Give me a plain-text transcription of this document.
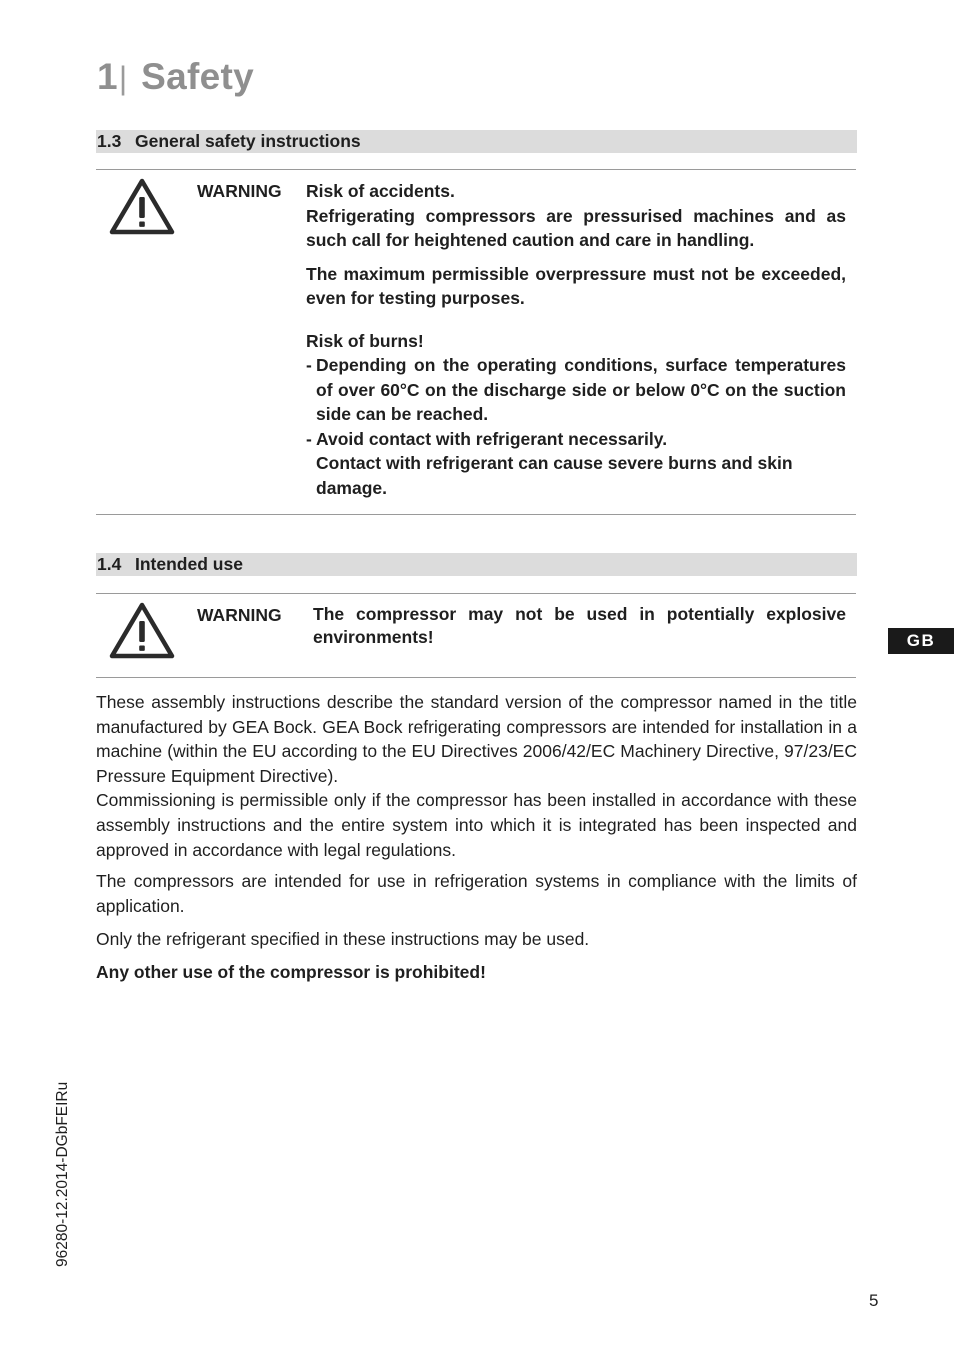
1| Safety
1.3 General safety instructions
WARNING Risk of accidents.

Refrigerating compressors are pressurised machines and as such call for heightened caution and care in handling.

The maximum permissible overpressure must not be exceeded, even for testing purposes.

Risk of burns!

- Depending on the operating conditions, surface temperatures of over 60°C on the discharge side or below 0°C on the suction side can be reached.

- Avoid contact with refrigerant necessarily.

Contact with refrigerant can cause severe burns and skin damage.

1.4 Intended use
WARNING The compressor may not be used in potentially explosive environments!

These assembly instructions describe the standard version of the compressor named in the title manufactured by GEA Bock. GEA Bock refrigerating compressors are intended for installation in a machine (within the EU according to the EU Directives 2006/42/EC Machinery Directive, 97/23/EC Pressure Equipment Directive).

Commissioning is permissible only if the compressor has been installed in accordance with these assembly instructions and the entire system into which it is integrated has been inspected and approved in accordance with legal regulations.

The compressors are intended for use in refrigeration systems in compliance with the limits of application.

Only the refrigerant specified in these instructions may be used.

Any other use of the compressor is prohibited!

GB
96280-12.2014-DGbFEIRu
5
